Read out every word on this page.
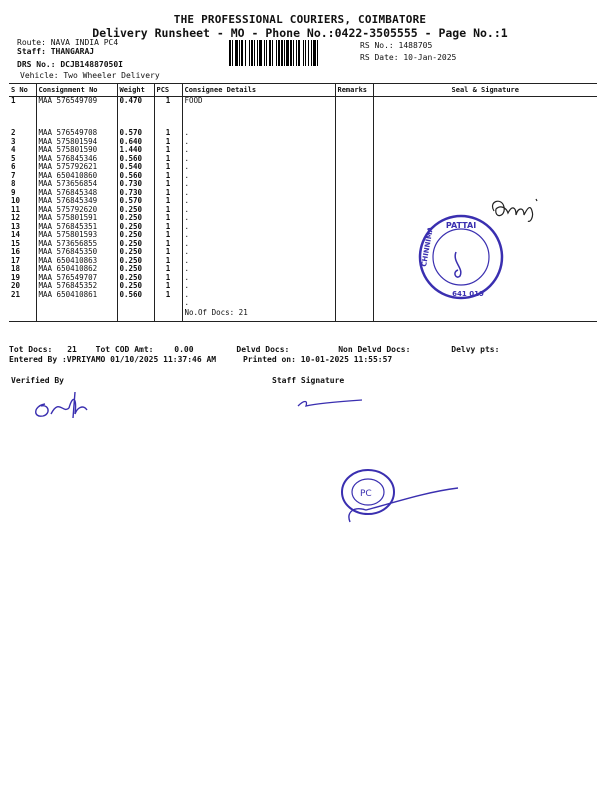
THE PROFESSIONAL COURIERS, COIMBATORE
Delivery Runsheet - MO - Phone No.:0422-3505555 - Page No.:1
Route: NAVA INDIA PC4
Staff: THANGARAJ
DRS No.: DCJB14887050I
Vehicle: Two Wheeler Delivery
RS No.: 1488705
RS Date: 10-Jan-2025
S No	Consignment No	Weight	PCS	Consignee Details	Remarks	Seal & Signature
1	MAA 576549709	0.470	1	FOOD		
2	MAA 576549708	0.570	1	.		
3	MAA 575801594	0.640	1	.		
4	MAA 575801590	1.440	1	.		
5	MAA 576845346	0.560	1	.		
6	MAA 575792621	0.540	1	.		
7	MAA 650410860	0.560	1	.		
8	MAA 573656854	0.730	1	.		
9	MAA 576845348	0.730	1	.		
10	MAA 576845349	0.570	1	.		
11	MAA 575792620	0.250	1	.		
12	MAA 575801591	0.250	1	.		
13	MAA 576845351	0.250	1	.		
14	MAA 575801593	0.250	1	.		
15	MAA 573656855	0.250	1	.		
16	MAA 576845350	0.250	1	.		
17	MAA 650410863	0.250	1	.		
18	MAA 650410862	0.250	1	.		
19	MAA 576549707	0.250	1	.		
20	MAA 576845352	0.250	1	.		
21	MAA 650410861	0.560	1	.		
				.		
				No.Of Docs: 21		
Tot Docs: 21 Tot COD Amt:	0.00	Delvd Docs:	Non Delvd Docs:	Delvy pts:
Entered By :VPRIYAMO 01/10/2025 11:37:46 AM	Printed on: 10-01-2025 11:55:57
Verified By	Staff Signature
PATTAI
CHINNIMA
641 019
PC
